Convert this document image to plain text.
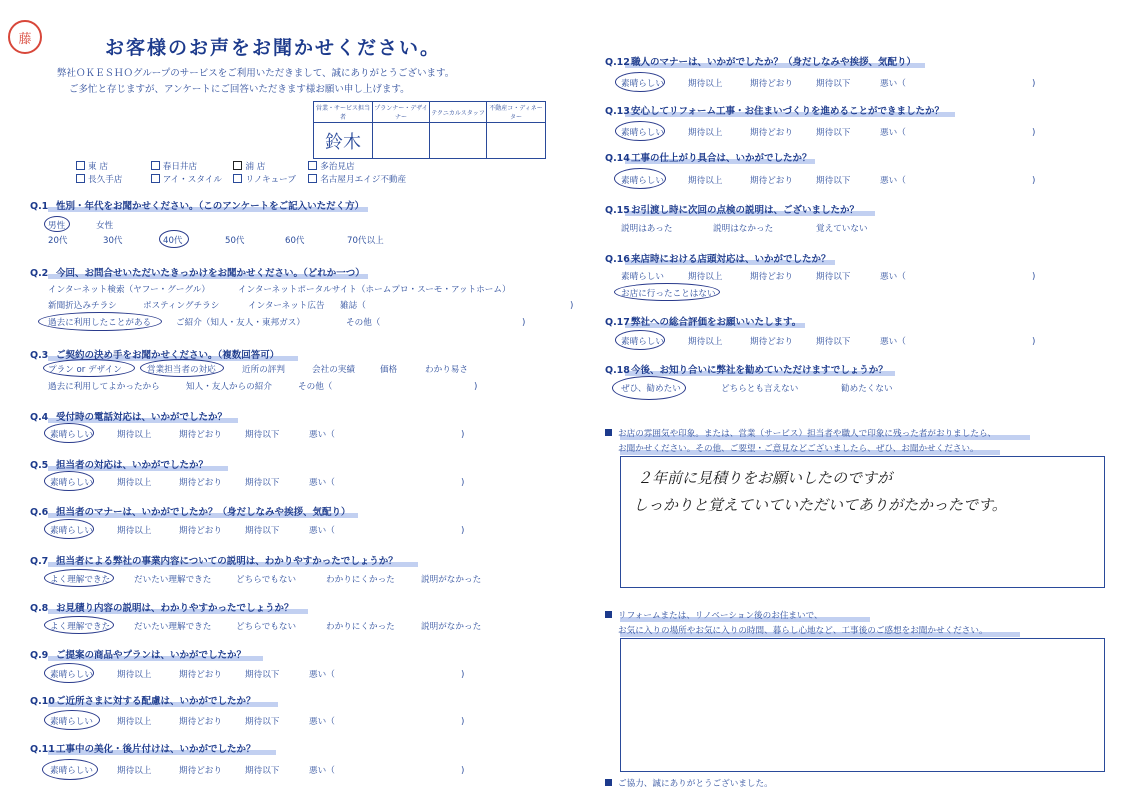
藤	お客様のお声をお聞かせください。
弊社ＯＫＥＳＨＯグループのサービスをご利用いただきまして、誠にありがとうございます。
ご多忙と存じますが、アンケートにご回答いただきます様お願い申し上げます。
営業・サービス担当者	プランナー・デザイナー	テクニカルスタッフ	不動産コ・ディネーター
鈴木			
東 店	春日井店	浦 店	多治見店
長久手店	アイ・スタイル	リノキューブ	名古屋月エイジ不動産
Q.1 性別・年代をお聞かせください。（このアンケートをご記入いただく方）
男性	女性
20代	30代	40代	50代	60代	70代以上
Q.2 今回、お問合せいただいたきっかけをお聞かせください。（どれか一つ）
インターネット検索（ヤフー・グーグル）	インターネットポータルサイト（ホームプロ・スーモ・アットホーム）
新聞折込みチラシ	ポスティングチラシ	インターネット広告 雑誌（	)
過去に利用したことがある	ご紹介（知人・友人・東邦ガス）	その他（	)
Q.3 ご契約の決め手をお聞かせください。（複数回答可）
プラン or デザイン	営業担当者の対応	近所の評判	会社の実績	価格	わかり易さ
過去に利用してよかったから	知人・友人からの紹介	その他（	)
Q.4 受付時の電話対応は、いかがでしたか？
素晴らしい	期待以上	期待どおり	期待以下	悪い（	)
Q.5 担当者の対応は、いかがでしたか？
素晴らしい	期待以上	期待どおり	期待以下	悪い（	)
Q.6 担当者のマナーは、いかがでしたか？（身だしなみや挨拶、気配り）
素晴らしい	期待以上	期待どおり	期待以下	悪い（	)
Q.7 担当者による弊社の事業内容についての説明は、わかりやすかったでしょうか？
よく理解できた	だいたい理解できた	どちらでもない	わかりにくかった	説明がなかった
Q.8 お見積り内容の説明は、わかりやすかったでしょうか？
よく理解できた	だいたい理解できた	どちらでもない	わかりにくかった	説明がなかった
Q.9 ご提案の商品やプランは、いかがでしたか？
素晴らしい	期待以上	期待どおり	期待以下	悪い（	)
Q.10ご近所さまに対する配慮は、いかがでしたか？
素晴らしい	期待以上	期待どおり	期待以下	悪い（	)
Q.11工事中の美化・後片付けは、いかがでしたか？
素晴らしい	期待以上	期待どおり	期待以下	悪い（	)
Q.12職人のマナーは、いかがでしたか？（身だしなみや挨拶、気配り）
素晴らしい	期待以上	期待どおり	期待以下	悪い（	)
Q.13安心してリフォーム工事・お住まいづくりを進めることができましたか？
素晴らしい	期待以上	期待どおり	期待以下	悪い（	)
Q.14工事の仕上がり具合は、いかがでしたか？
素晴らしい	期待以上	期待どおり	期待以下	悪い（	)
Q.15お引渡し時に次回の点検の説明は、ございましたか？
説明はあった	説明はなかった	覚えていない
Q.16来店時における店頭対応は、いかがでしたか？
素晴らしい	期待以上	期待どおり	期待以下	悪い（	)
お店に行ったことはない
Q.17弊社への総合評価をお願いいたします。
素晴らしい	期待以上	期待どおり	期待以下	悪い（	)
Q.18今後、お知り合いに弊社を勧めていただけますでしょうか？
ぜひ、勧めたい	どちらとも言えない	勧めたくない
お店の雰囲気や印象。または、営業（サービス）担当者や職人で印象に残った者がおりましたら、
お聞かせください。その他、ご要望・ご意見などございましたら、ぜひ、お聞かせください。
２年前に見積りをお願いしたのですが
しっかりと覚えていていただいてありがたかったです。
リフォームまたは、リノベーション後のお住まいで、
お気に入りの場所やお気に入りの時間、暮らし心地など、工事後のご感想をお聞かせください。
ご協力、誠にありがとうございました。
